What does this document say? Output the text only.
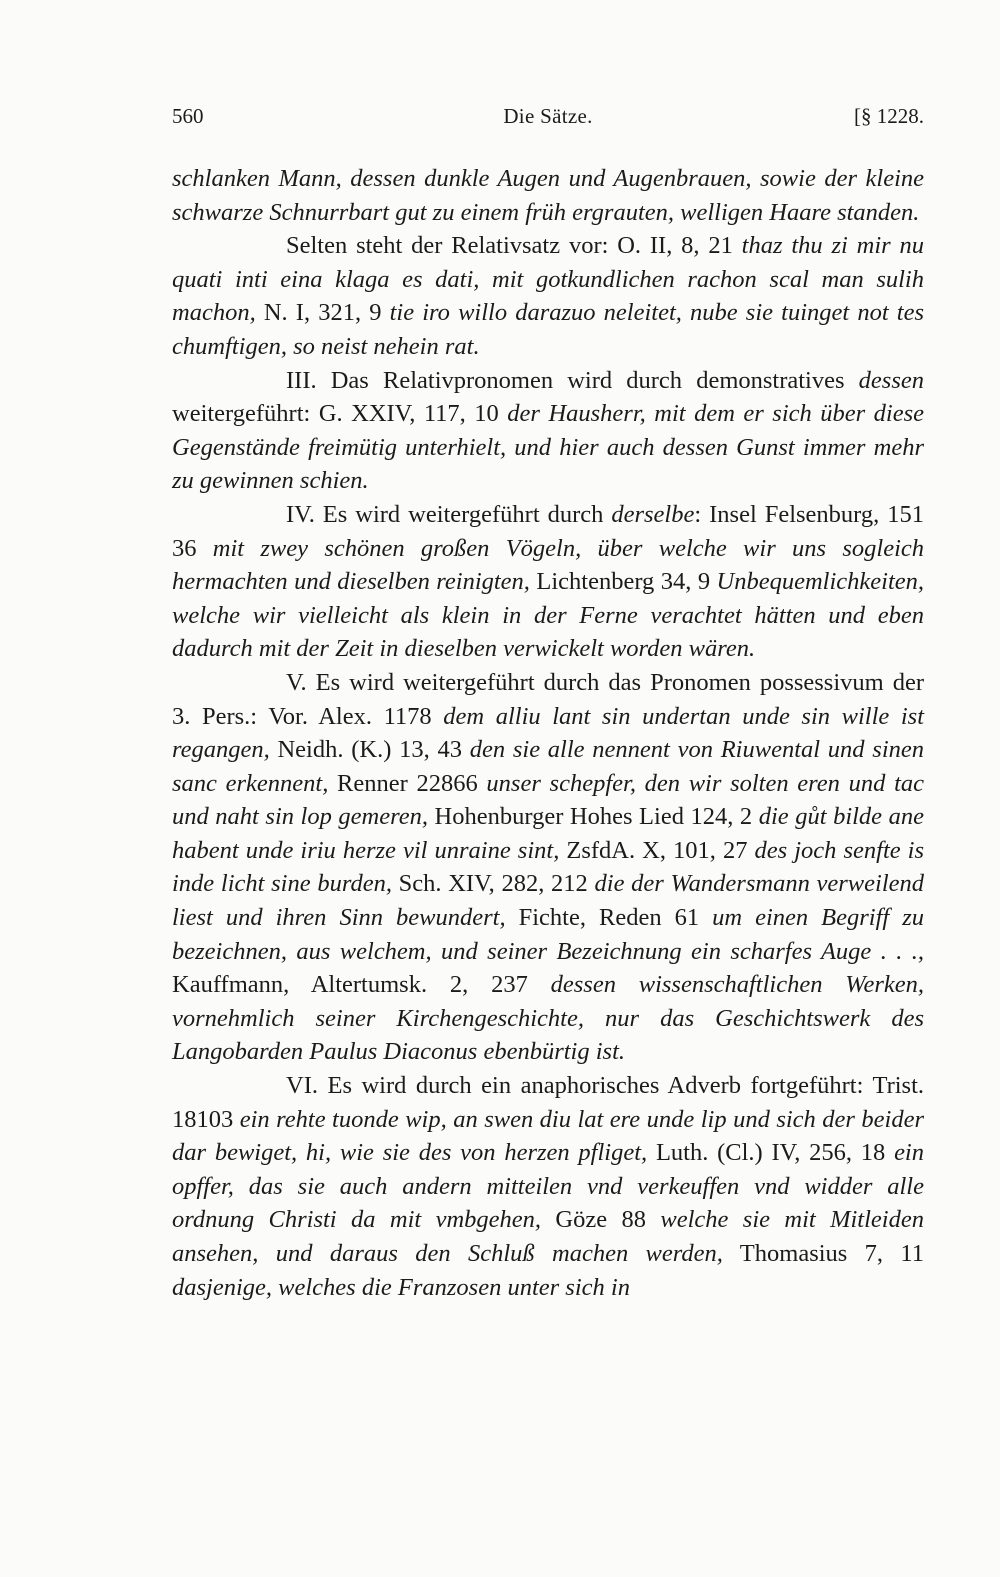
560	Die Sätze.	[§ 1228.

schlanken Mann, dessen dunkle Augen und Augenbrauen, sowie der kleine schwarze Schnurrbart gut zu einem früh ergrauten, welligen Haare standen.

Selten steht der Relativsatz vor: O. II, 8, 21 thaz thu zi mir nu quati inti eina klaga es dati, mit gotkundlichen rachon scal man sulih machon, N. I, 321, 9 tie iro willo darazuo neleitet, nube sie tuinget not tes chumftigen, so neist nehein rat.

III. Das Relativpronomen wird durch demonstratives dessen weitergeführt: G. XXIV, 117, 10 der Hausherr, mit dem er sich über diese Gegenstände freimütig unterhielt, und hier auch dessen Gunst immer mehr zu gewinnen schien.

IV. Es wird weitergeführt durch derselbe: Insel Felsenburg, 151 36 mit zwey schönen großen Vögeln, über welche wir uns sogleich hermachten und dieselben reinigten, Lichtenberg 34, 9 Unbequemlichkeiten, welche wir vielleicht als klein in der Ferne verachtet hätten und eben dadurch mit der Zeit in dieselben verwickelt worden wären.

V. Es wird weitergeführt durch das Pronomen possessivum der 3. Pers.: Vor. Alex. 1178 dem alliu lant sin undertan unde sin wille ist regangen, Neidh. (K.) 13, 43 den sie alle nennent von Riuwental und sinen sanc erkennent, Renner 22866 unser schepfer, den wir solten eren und tac und naht sin lop gemeren, Hohenburger Hohes Lied 124, 2 die gůt bilde ane habent unde iriu herze vil unraine sint, ZsfdA. X, 101, 27 des joch senfte is inde licht sine burden, Sch. XIV, 282, 212 die der Wandersmann verweilend liest und ihren Sinn bewundert, Fichte, Reden 61 um einen Begriff zu bezeichnen, aus welchem, und seiner Bezeichnung ein scharfes Auge . . ., Kauffmann, Altertumsk. 2, 237 dessen wissenschaftlichen Werken, vornehmlich seiner Kirchengeschichte, nur das Geschichtswerk des Langobarden Paulus Diaconus ebenbürtig ist.

VI. Es wird durch ein anaphorisches Adverb fortgeführt: Trist. 18103 ein rehte tuonde wip, an swen diu lat ere unde lip und sich der beider dar bewiget, hi, wie sie des von herzen pfliget, Luth. (Cl.) IV, 256, 18 ein opffer, das sie auch andern mitteilen vnd verkeuffen vnd widder alle ordnung Christi da mit vmbgehen, Göze 88 welche sie mit Mitleiden ansehen, und daraus den Schluß machen werden, Thomasius 7, 11 dasjenige, welches die Franzosen unter sich in
